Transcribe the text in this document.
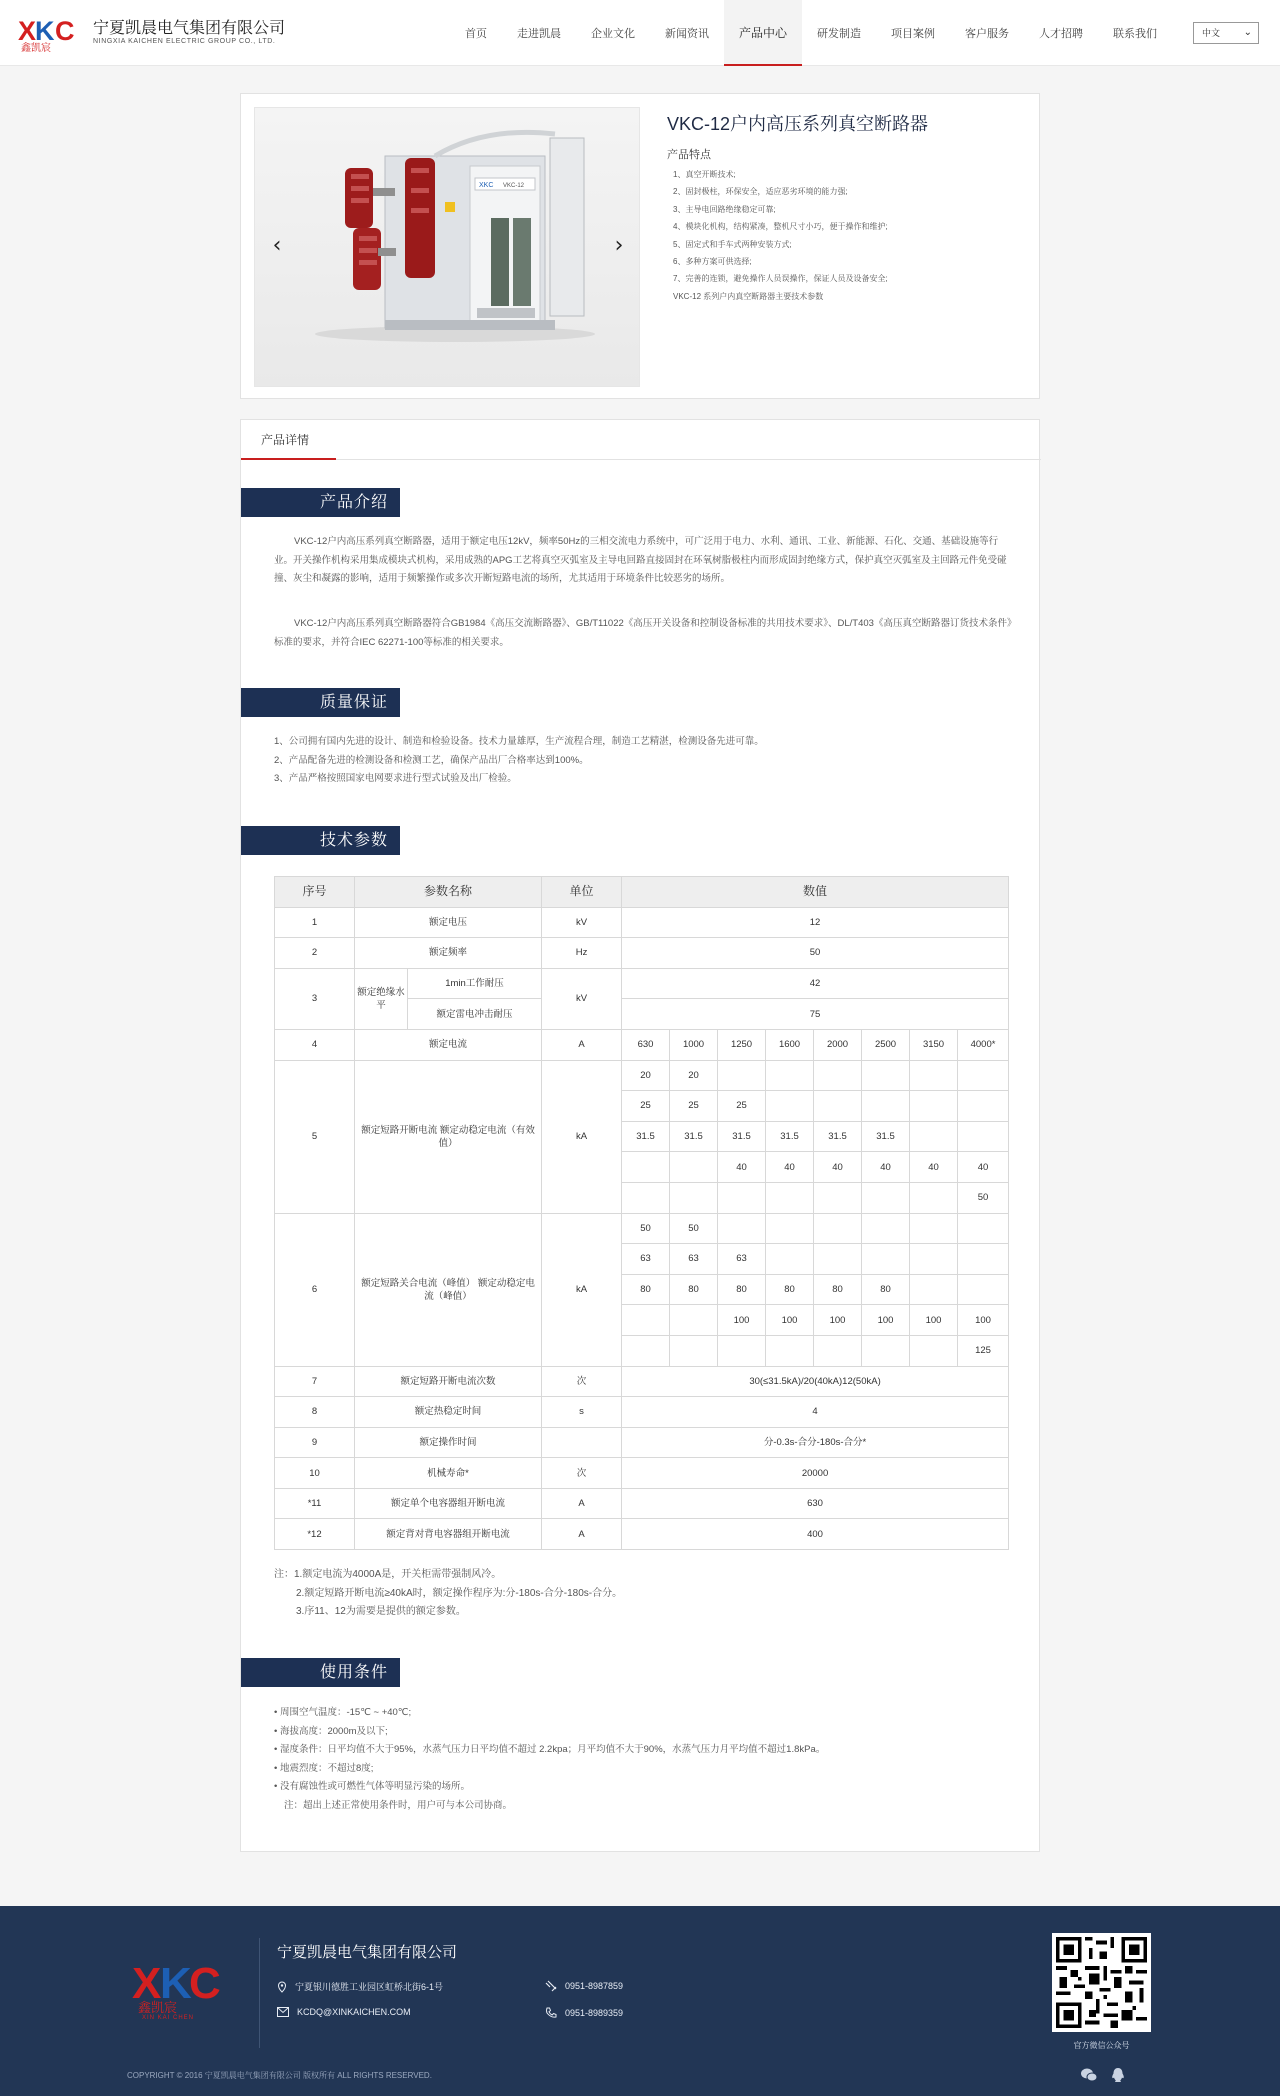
X
K C
鑫凯宸
宁夏凯晨电气集团有限公司
NINGXIA KAICHEN ELECTRIC GROUP CO., LTD.
首页	走进凯晨	企业文化	新闻资讯	产品中心	研发制造	项目案例	客户服务	人才招聘	联系我们	中文 ⌄
XKC VKC-12
‹	›
VKC-12户内高压系列真空断路器
产品特点
1、真空开断技术;
2、固封极柱，环保安全，适应恶劣环境的能力强;
3、主导电回路绝缘稳定可靠;
4、模块化机构，结构紧凑，整机尺寸小巧，便于操作和维护;
5、固定式和手车式两种安装方式;
6、多种方案可供选择;
7、完善的连锁，避免操作人员误操作，保证人员及设备安全;
VKC-12 系列户内真空断路器主要技术参数
产品详情
产品介绍
VKC-12户内高压系列真空断路器，适用于额定电压12kV，频率50Hz的三相交流电力系统中，可广泛用于电力、水利、通讯、工业、新能源、石化、交通、基础设施等行业。开关操作机构采用集成模块式机构，采用成熟的APG工艺将真空灭弧室及主导电回路直接固封在环氧树脂极柱内而形成固封绝缘方式，保护真空灭弧室及主回路元件免受碰撞、灰尘和凝露的影响，适用于频繁操作或多次开断短路电流的场所，尤其适用于环境条件比较恶劣的场所。
VKC-12户内高压系列真空断路器符合GB1984《高压交流断路器》、GB/T11022《高压开关设备和控制设备标准的共用技术要求》、DL/T403《高压真空断路器订货技术条件》标准的要求，并符合IEC 62271-100等标准的相关要求。
质量保证
1、公司拥有国内先进的设计、制造和检验设备。技术力量雄厚，生产流程合理，制造工艺精湛，检测设备先进可靠。
2、产品配备先进的检测设备和检测工艺，确保产品出厂合格率达到100%。
3、产品严格按照国家电网要求进行型式试验及出厂检验。
技术参数
序号	参数名称		单位	数值							
1	额定电压		kV	12							
2	额定频率		Hz	50							
3	额定绝缘水平	1min工作耐压	kV	42							
		额定雷电冲击耐压		75							
4	额定电流		A	630	1000	1250	1600	2000	2500	3150	4000*
5	额定短路开断电流 额定动稳定电流（有效值）		kA	20	20						
				25	25	25					
				31.5	31.5	31.5	31.5	31.5	31.5		
						40	40	40	40	40	40
											50
6	额定短路关合电流（峰值） 额定动稳定电流（峰值）		kA	50	50						
				63	63	63					
				80	80	80	80	80	80		
						100	100	100	100	100	100
											125
7	额定短路开断电流次数		次	30(≤31.5kA)/20(40kA)12(50kA)							
8	额定热稳定时间		s	4							
9	额定操作时间			分-0.3s-合分-180s-合分*							
10	机械寿命*		次	20000							
*11	额定单个电容器组开断电流		A	630							
*12	额定背对背电容器组开断电流		A	400							
注：1.额定电流为4000A是，开关柜需带强制风冷。
2.额定短路开断电流≥40kA时，额定操作程序为:分-180s-合分-180s-合分。
3.序11、12为需要是提供的额定参数。
使用条件
• 周围空气温度：-15℃ ~ +40℃;
• 海拔高度：2000m及以下;
• 湿度条件：日平均值不大于95%，水蒸气压力日平均值不超过 2.2kpa；月平均值不大于90%，水蒸气压力月平均值不超过1.8kPa。
• 地震烈度：不超过8度;
• 没有腐蚀性或可燃性气体等明显污染的场所。
注：超出上述正常使用条件时，用户可与本公司协商。
X
K
C
鑫凯宸
XIN KAI CHEN
宁夏凯晨电气集团有限公司
宁夏银川德胜工业园区虹桥北街6-1号
KCDQ@XINKAICHEN.COM
0951-8987859
0951-8989359
官方微信公众号
COPYRIGHT © 2016 宁夏凯晨电气集团有限公司 版权所有 ALL RIGHTS RESERVED.
